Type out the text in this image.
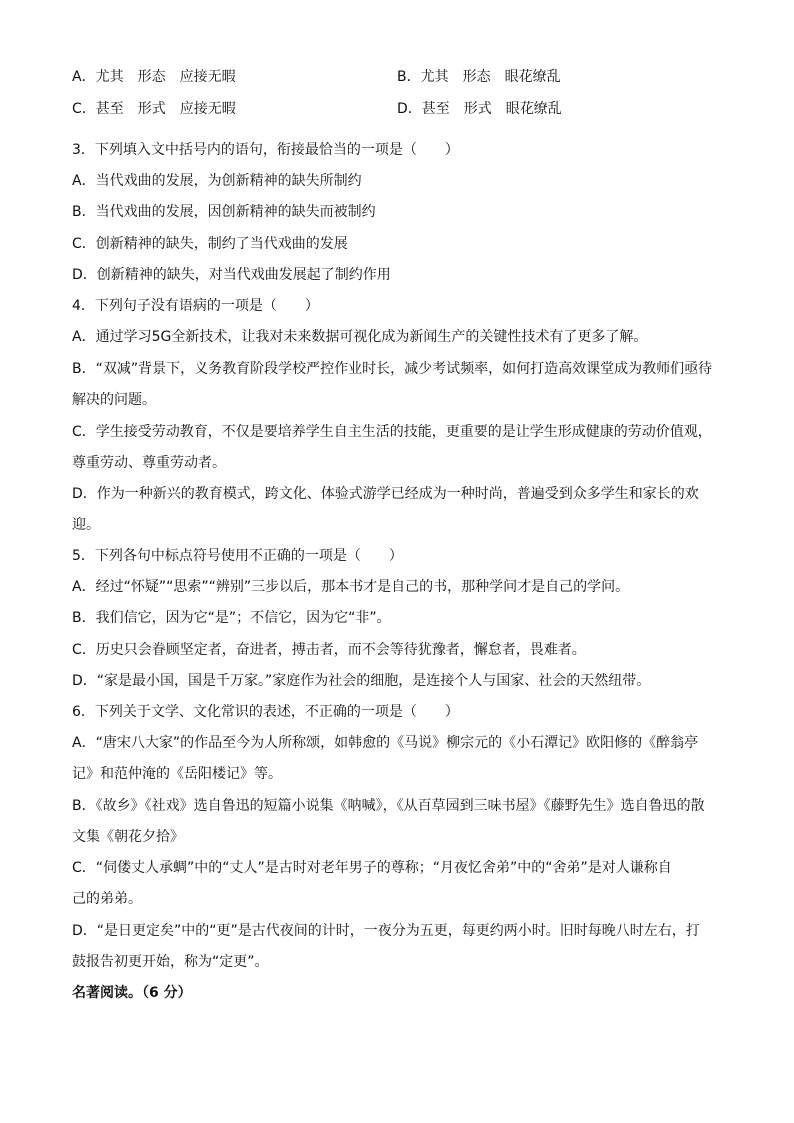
A．尤其　形态　应接无暇	B．尤其　形态　眼花缭乱
C．甚至　形式　应接无暇	D．甚至　形式　眼花缭乱
3．下列填入文中括号内的语句，衔接最恰当的一项是（　　）
A．当代戏曲的发展，为创新精神的缺失所制约
B．当代戏曲的发展，因创新精神的缺失而被制约
C．创新精神的缺失，制约了当代戏曲的发展
D．创新精神的缺失，对当代戏曲发展起了制约作用
4．下列句子没有语病的一项是（　　）
A．通过学习5G全新技术，让我对未来数据可视化成为新闻生产的关键性技术有了更多了解。
B．“双减”背景下，义务教育阶段学校严控作业时长，减少考试频率，如何打造高效课堂成为教师们亟待
解决的问题。
C．学生接受劳动教育，不仅是要培养学生自主生活的技能，更重要的是让学生形成健康的劳动价值观，
尊重劳动、尊重劳动者。
D．作为一种新兴的教育模式，跨文化、体验式游学已经成为一种时尚，普遍受到众多学生和家长的欢
迎。
5．下列各句中标点符号使用不正确的一项是（　　）
A．经过“怀疑”“思索”“辨别”三步以后，那本书才是自己的书，那种学问才是自己的学问。
B．我们信它，因为它“是”；不信它，因为它“非”。
C．历史只会眷顾坚定者，奋进者，搏击者，而不会等待犹豫者，懈怠者，畏难者。
D．“家是最小国，国是千万家。”家庭作为社会的细胞，是连接个人与国家、社会的天然纽带。
6．下列关于文学、文化常识的表述，不正确的一项是（　　）
A．“唐宋八大家”的作品至今为人所称颂，如韩愈的《马说》柳宗元的《小石潭记》欧阳修的《醉翁亭
记》和范仲淹的《岳阳楼记》等。
B．《故乡》《社戏》选自鲁迅的短篇小说集《呐喊》，《从百草园到三味书屋》《藤野先生》选自鲁迅的散
文集《朝花夕拾》
C．“伺偻丈人承蜩”中的“丈人”是古时对老年男子的尊称；“月夜忆舍弟”中的“舍弟”是对人谦称自
己的弟弟。
D．“是日更定矣”中的“更”是古代夜间的计时，一夜分为五更，每更约两小时。旧时每晚八时左右，打
鼓报告初更开始，称为“定更”。
名著阅读。（6 分）
